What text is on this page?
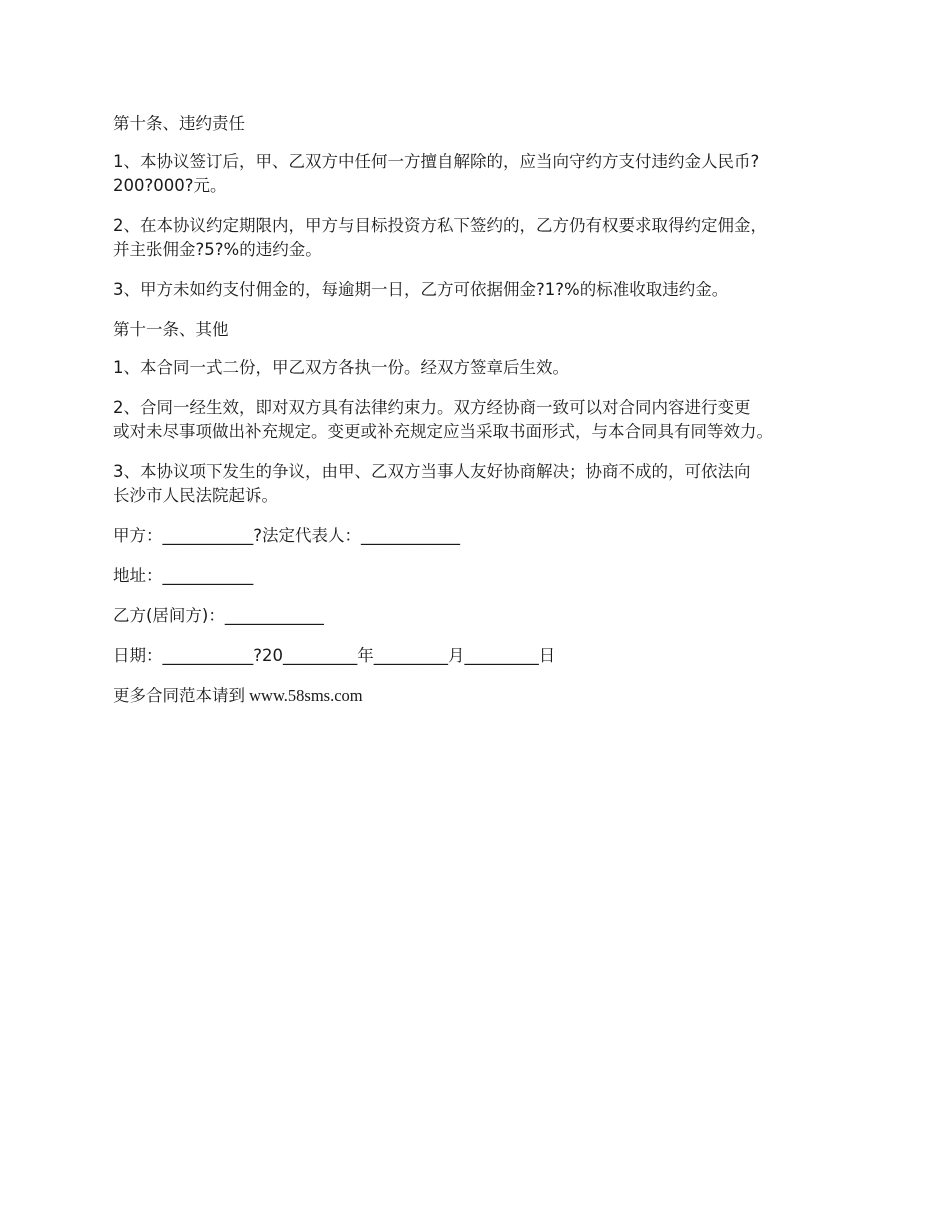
第十条、违约责任
1、本协议签订后，甲、乙双方中任何一方擅自解除的，应当向守约方支付违约金人民币?
200?000?元。
2、在本协议约定期限内，甲方与目标投资方私下签约的，乙方仍有权要求取得约定佣金，
并主张佣金?5?%的违约金。
3、甲方未如约支付佣金的，每逾期一日，乙方可依据佣金?1?%的标准收取违约金。
第十一条、其他
1、本合同一式二份，甲乙双方各执一份。经双方签章后生效。
2、合同一经生效，即对双方具有法律约束力。双方经协商一致可以对合同内容进行变更
或对未尽事项做出补充规定。变更或补充规定应当采取书面形式，与本合同具有同等效力。
3、本协议项下发生的争议，由甲、乙双方当事人友好协商解决；协商不成的，可依法向
长沙市人民法院起诉。
甲方：___________?法定代表人：____________
地址：___________
乙方(居间方)：____________
日期：___________?20_________年_________月_________日
更多合同范本请到 www.58sms.com
